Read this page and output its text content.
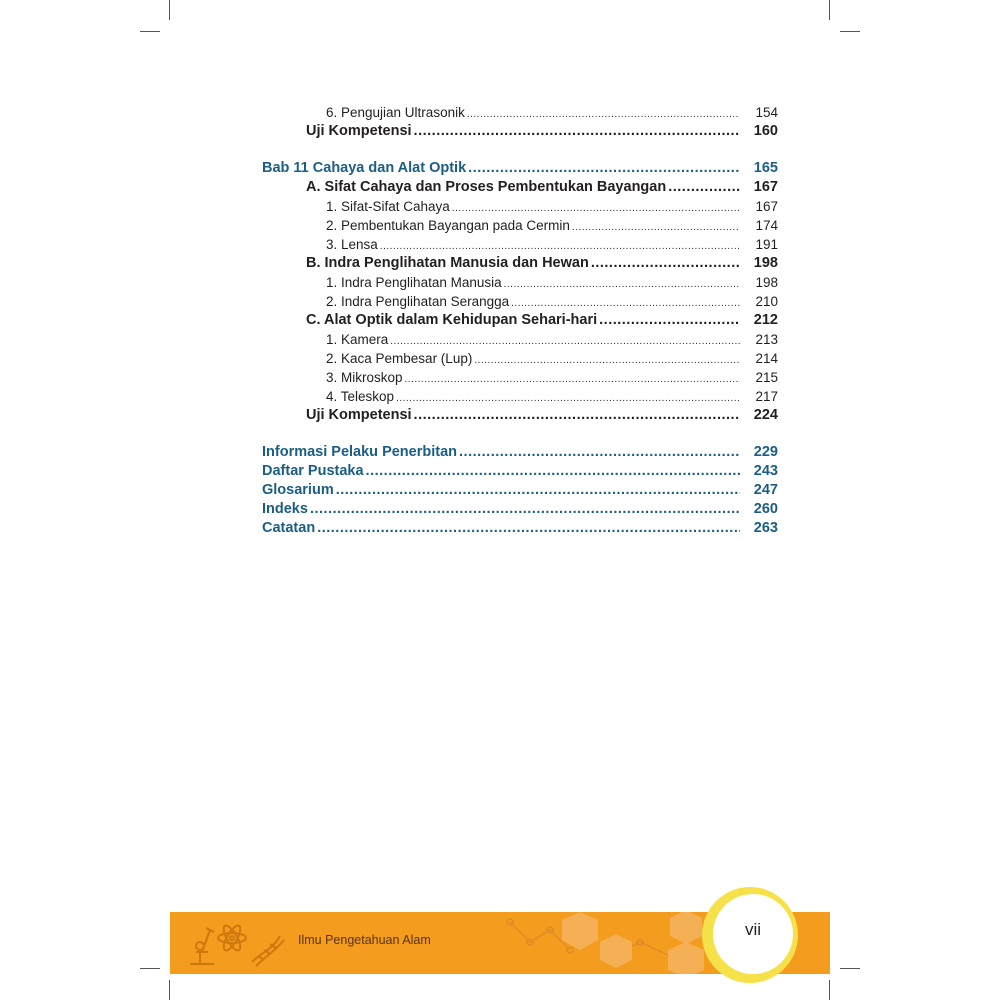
6. Pengujian Ultrasonik .....	154
Uji Kompetensi .....	160
Bab 11 Cahaya dan Alat Optik .....	165
A. Sifat Cahaya dan Proses Pembentukan Bayangan .....	167
1. Sifat-Sifat Cahaya .....	167
2. Pembentukan Bayangan pada Cermin .....	174
3. Lensa .....	191
B. Indra Penglihatan Manusia dan Hewan .....	198
1. Indra Penglihatan Manusia .....	198
2. Indra Penglihatan Serangga .....	210
C. Alat Optik dalam Kehidupan Sehari-hari .....	212
1. Kamera .....	213
2. Kaca Pembesar (Lup) .....	214
3. Mikroskop .....	215
4. Teleskop .....	217
Uji Kompetensi .....	224
Informasi Pelaku Penerbitan .....	229
Daftar Pustaka .....	243
Glosarium .....	247
Indeks .....	260
Catatan .....	263
Ilmu Pengetahuan Alam
vii
